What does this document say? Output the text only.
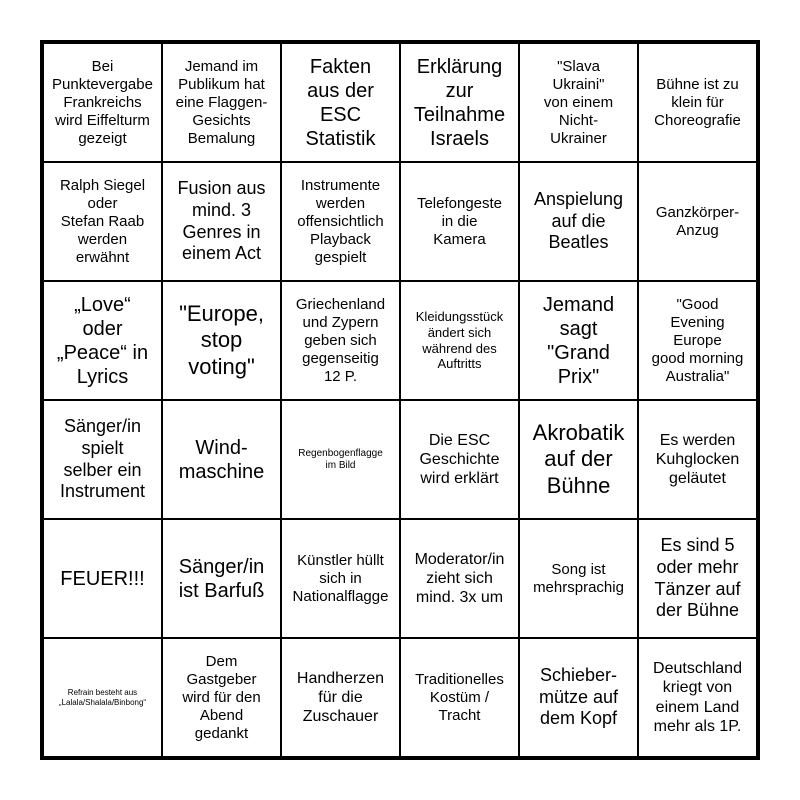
Bei
Punktevergabe
Frankreichs
wird Eiffelturm
gezeigt
Jemand im
Publikum hat
eine Flaggen-
Gesichts
Bemalung
Fakten
aus der
ESC
Statistik
Erklärung
zur
Teilnahme
Israels
"Slava
Ukraini"
von einem
Nicht-
Ukrainer
Bühne ist zu
klein für
Choreografie
Ralph Siegel
oder
Stefan Raab
werden
erwähnt
Fusion aus
mind. 3
Genres in
einem Act
Instrumente
werden
offensichtlich
Playback
gespielt
Telefongeste
in die
Kamera
Anspielung
auf die
Beatles
Ganzkörper-
Anzug
„Love“
oder
„Peace“ in
Lyrics
"Europe,
stop
voting"
Griechenland
und Zypern
geben sich
gegenseitig
12 P.
Kleidungsstück
ändert sich
während des
Auftritts
Jemand
sagt
"Grand
Prix"
"Good
Evening
Europe
good morning
Australia"
Sänger/in
spielt
selber ein
Instrument
Wind-
maschine
Regenbogenflagge
im Bild
Die ESC
Geschichte
wird erklärt
Akrobatik
auf der
Bühne
Es werden
Kuhglocken
geläutet
FEUER!!!
Sänger/in
ist Barfuß
Künstler hüllt
sich in
Nationalflagge
Moderator/in
zieht sich
mind. 3x um
Song ist
mehrsprachig
Es sind 5
oder mehr
Tänzer auf
der Bühne
Refrain besteht aus
„Lalala/Shalala/Binbong“
Dem
Gastgeber
wird für den
Abend
gedankt
Handherzen
für die
Zuschauer
Traditionelles
Kostüm /
Tracht
Schieber-
mütze auf
dem Kopf
Deutschland
kriegt von
einem Land
mehr als 1P.
